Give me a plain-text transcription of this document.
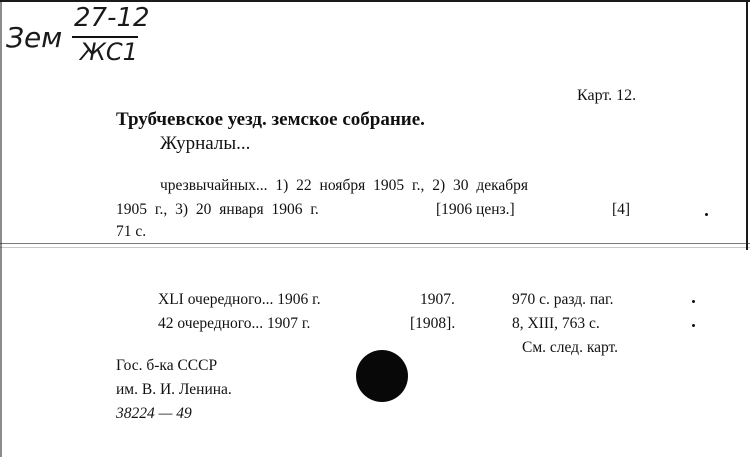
Зем
27-12
ЖС1
Карт. 12.
Трубчевское уезд. земское собрание.
Журналы...
чрезвычайных... 1) 22 ноября 1905 г., 2) 30 декабря
1905 г., 3) 20 января 1906 г.	[1906 ценз.]	[4]
71 с.
XLI очередного... 1906 г.	1907.	970 с. разд. паг.
42 очередного... 1907 г.	[1908].	8, XIII, 763 с.
См. след. карт.
Гос. б-ка СССР
им. В. И. Ленина.
38224 — 49
